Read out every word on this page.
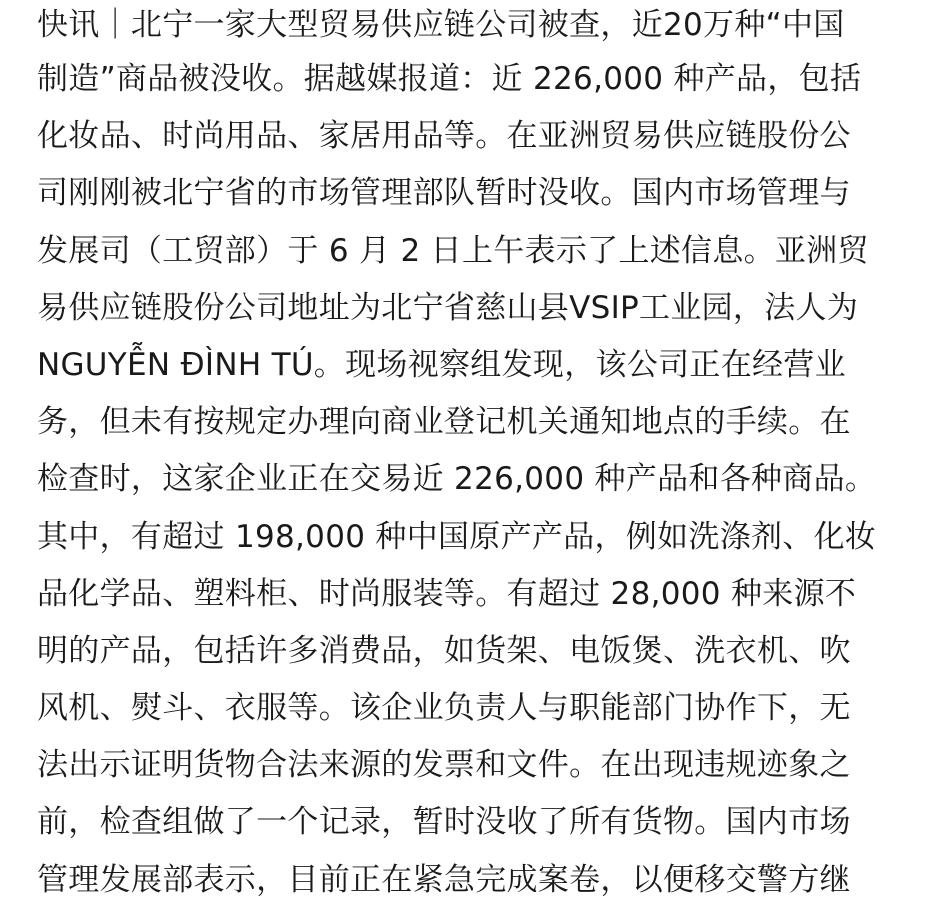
快讯｜北宁一家大型贸易供应链公司被查，近20万种“中国
制造”商品被没收。据越媒报道：近 226,000 种产品，包括
化妆品、时尚用品、家居用品等。在亚洲贸易供应链股份公
司刚刚被北宁省的市场管理部队暂时没收。国内市场管理与
发展司（工贸部）于 6 月 2 日上午表示了上述信息。亚洲贸
易供应链股份公司地址为北宁省慈山县VSIP工业园，法人为
NGUYỄN ĐÌNH TÚ。现场视察组发现，该公司正在经营业
务，但未有按规定办理向商业登记机关通知地点的手续。在
检查时，这家企业正在交易近 226,000 种产品和各种商品。
其中，有超过 198,000 种中国原产产品，例如洗涤剂、化妆
品化学品、塑料柜、时尚服装等。有超过 28,000 种来源不
明的产品，包括许多消费品，如货架、电饭煲、洗衣机、吹
风机、熨斗、衣服等。该企业负责人与职能部门协作下，无
法出示证明货物合法来源的发票和文件。在出现违规迹象之
前，检查组做了一个记录，暂时没收了所有货物。国内市场
管理发展部表示，目前正在紧急完成案卷，以便移交警方继
